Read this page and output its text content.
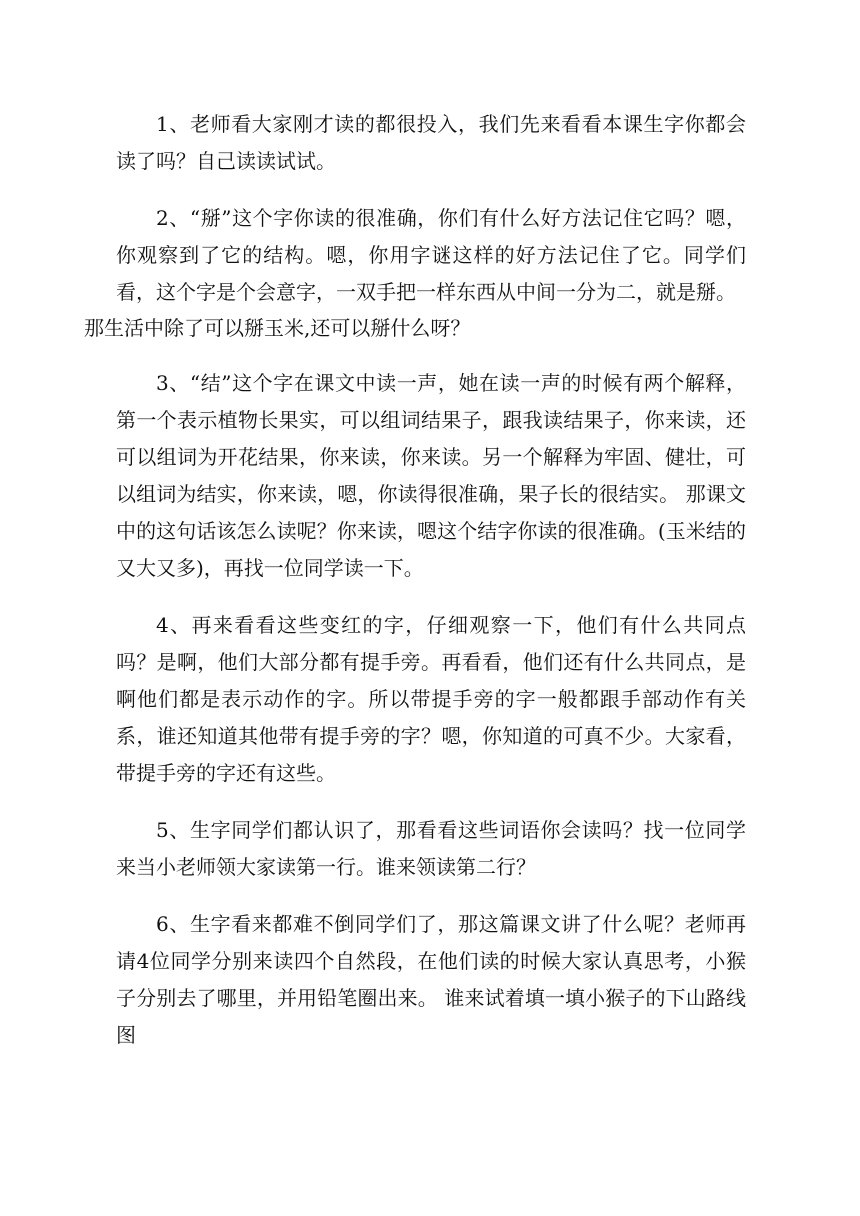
1、老师看大家刚才读的都很投入，我们先来看看本课生字你都会读了吗？自己读读试试。

2、“掰”这个字你读的很准确，你们有什么好方法记住它吗？嗯，你观察到了它的结构。嗯，你用字谜这样的好方法记住了它。同学们看，这个字是个会意字，一双手把一样东西从中间一分为二，就是掰。

那生活中除了可以掰玉米,还可以掰什么呀？

3、“结”这个字在课文中读一声，她在读一声的时候有两个解释，第一个表示植物长果实，可以组词结果子，跟我读结果子，你来读，还可以组词为开花结果，你来读，你来读。另一个解释为牢固、健壮，可以组词为结实，你来读，嗯，你读得很准确，果子长的很结实。 那课文中的这句话该怎么读呢？你来读，嗯这个结字你读的很准确。(玉米结的又大又多)，再找一位同学读一下。

4、再来看看这些变红的字，仔细观察一下，他们有什么共同点吗？是啊，他们大部分都有提手旁。再看看，他们还有什么共同点，是啊他们都是表示动作的字。所以带提手旁的字一般都跟手部动作有关系，谁还知道其他带有提手旁的字？嗯，你知道的可真不少。大家看，带提手旁的字还有这些。

5、生字同学们都认识了，那看看这些词语你会读吗？找一位同学来当小老师领大家读第一行。谁来领读第二行？

6、生字看来都难不倒同学们了，那这篇课文讲了什么呢？老师再请4位同学分别来读四个自然段，在他们读的时候大家认真思考，小猴子分别去了哪里，并用铅笔圈出来。 谁来试着填一填小猴子的下山路线图
